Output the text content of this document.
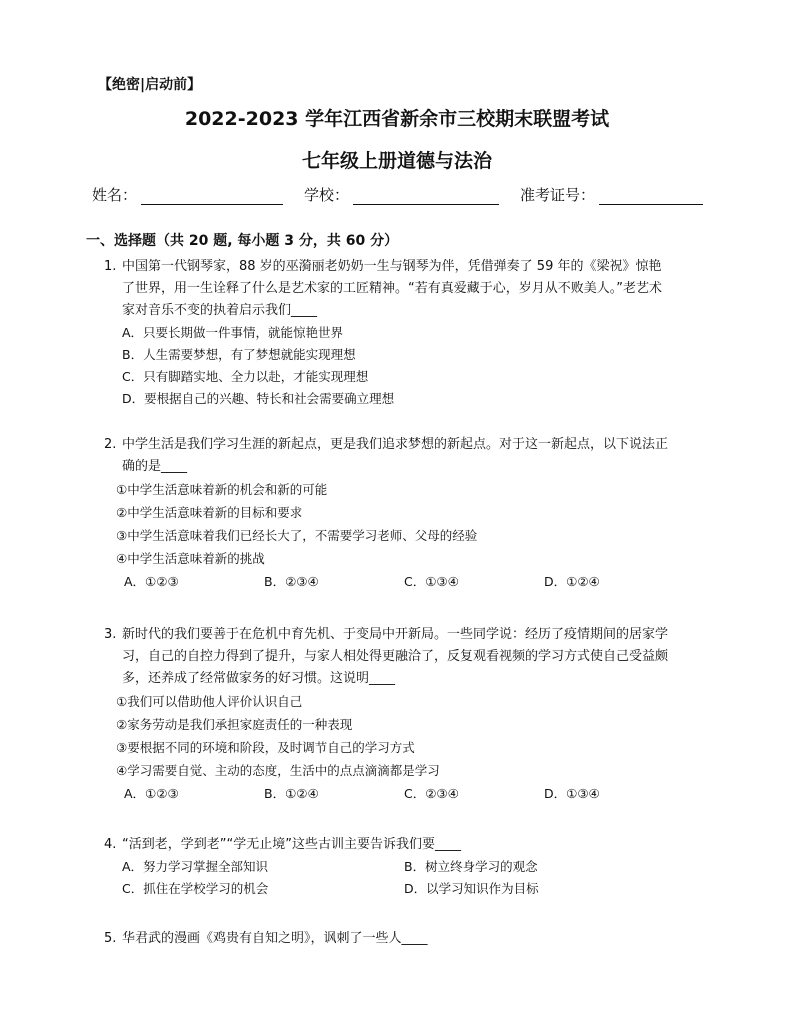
【绝密|启动前】
2022-2023 学年江西省新余市三校期末联盟考试
七年级上册道德与法治
姓名：	学校：	准考证号：
一、选择题（共 20 题, 每小题 3 分，共 60 分）
1. 中国第一代钢琴家，88 岁的巫漪丽老奶奶一生与钢琴为伴，凭借弹奏了 59 年的《梁祝》惊艳
了世界，用一生诠释了什么是艺术家的工匠精神。“若有真爱藏于心，岁月从不败美人。”老艺术
家对音乐不变的执着启示我们____
A．只要长期做一件事情，就能惊艳世界
B．人生需要梦想，有了梦想就能实现理想
C．只有脚踏实地、全力以赴，才能实现理想
D．要根据自己的兴趣、特长和社会需要确立理想
2. 中学生活是我们学习生涯的新起点，更是我们追求梦想的新起点。对于这一新起点，以下说法正
确的是____
①中学生活意味着新的机会和新的可能
②中学生活意味着新的目标和要求
③中学生活意味着我们已经长大了，不需要学习老师、父母的经验
④中学生活意味着新的挑战
A．①②③	B．②③④	C．①③④	D．①②④
3. 新时代的我们要善于在危机中育先机、于变局中开新局。一些同学说：经历了疫情期间的居家学
习，自己的自控力得到了提升，与家人相处得更融洽了，反复观看视频的学习方式使自己受益颇
多，还养成了经常做家务的好习惯。这说明____
①我们可以借助他人评价认识自己
②家务劳动是我们承担家庭责任的一种表现
③要根据不同的环境和阶段，及时调节自己的学习方式
④学习需要自觉、主动的态度，生活中的点点滴滴都是学习
A．①②③	B．①②④	C．②③④	D．①③④
4. “活到老，学到老”“学无止境”这些古训主要告诉我们要____
A．努力学习掌握全部知识	B．树立终身学习的观念
C．抓住在学校学习的机会	D．以学习知识作为目标
5. 华君武的漫画《鸡贵有自知之明》，讽刺了一些人____
